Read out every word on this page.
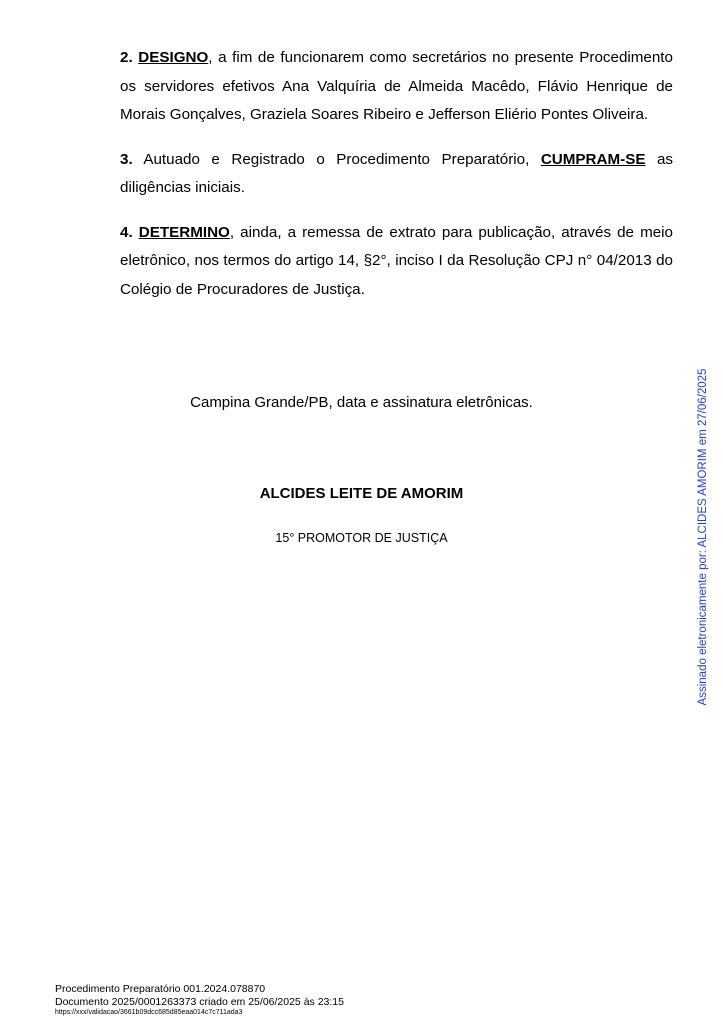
2. DESIGNO, a fim de funcionarem como secretários no presente Procedimento os servidores efetivos Ana Valquíria de Almeida Macêdo, Flávio Henrique de Morais Gonçalves, Graziela Soares Ribeiro e Jefferson Eliério Pontes Oliveira.

3. Autuado e Registrado o Procedimento Preparatório, CUMPRAM-SE as diligências iniciais.

4. DETERMINO, ainda, a remessa de extrato para publicação, através de meio eletrônico, nos termos do artigo 14, §2°, inciso I da Resolução CPJ n° 04/2013 do Colégio de Procuradores de Justiça.

Campina Grande/PB, data e assinatura eletrônicas.
ALCIDES LEITE DE AMORIM
15° PROMOTOR DE JUSTIÇA	Assinado eletronicamente por: ALCIDES AMORIM em 27/06/2025
Procedimento Preparatório 001.2024.078870
Documento 2025/0001263373 criado em 25/06/2025 às 23:15
https://xxx/validacao/3661b09dcc685d85eaa014c7c711ada3
